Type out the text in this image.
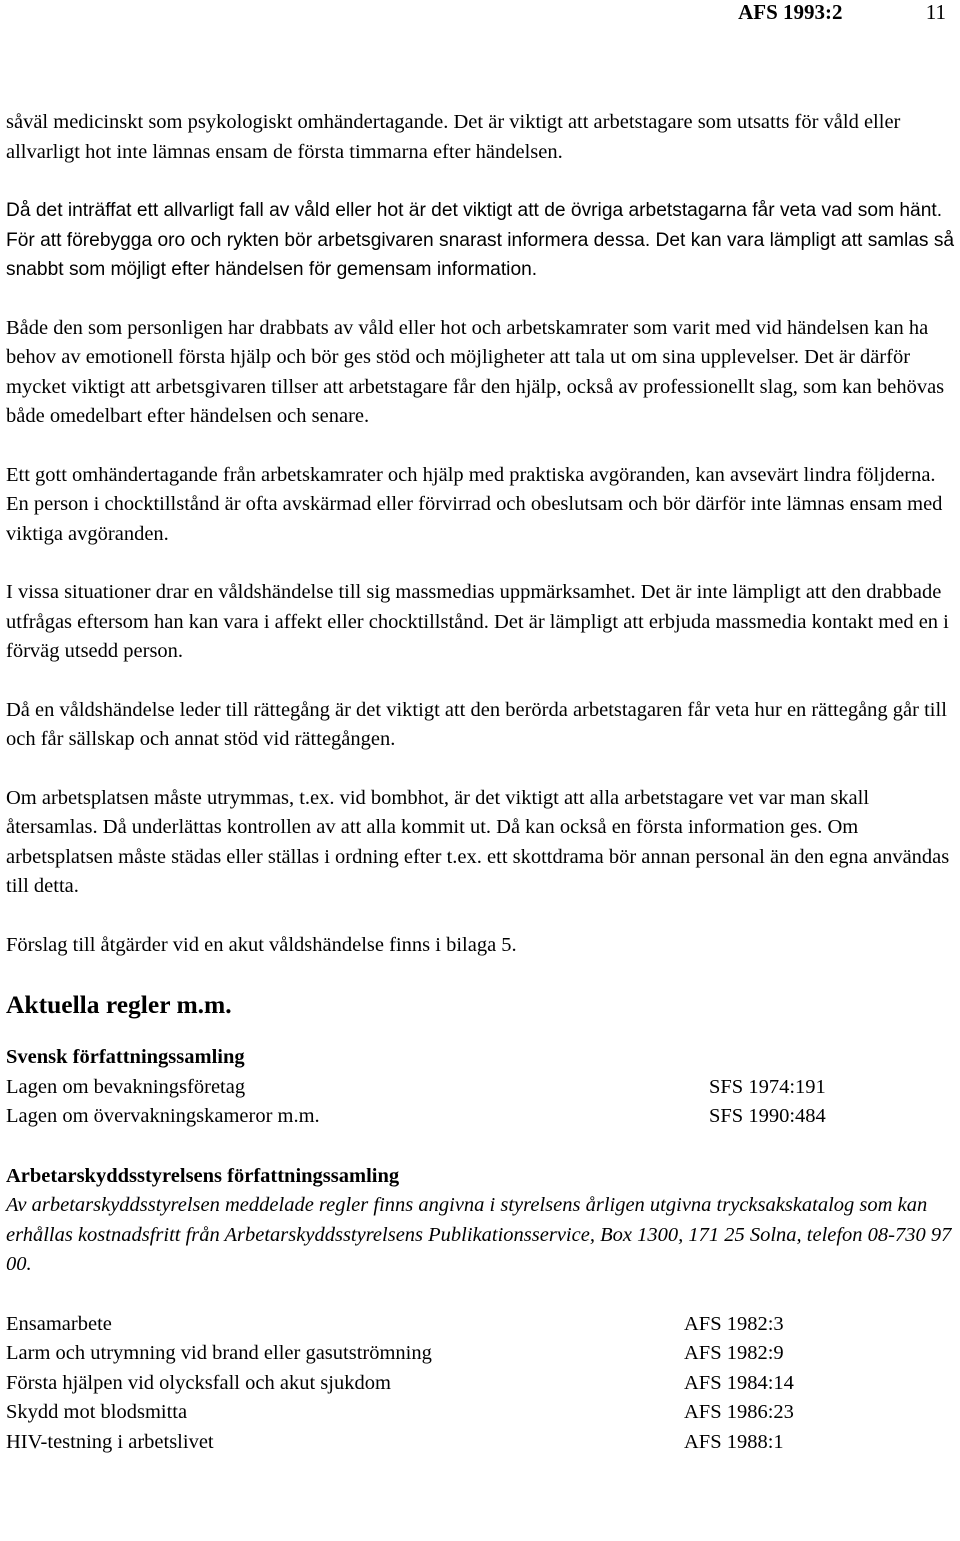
AFS 1993:2	11

såväl medicinskt som psykologiskt omhändertagande. Det är viktigt att arbetstagare som utsatts för våld eller allvarligt hot inte lämnas ensam de första timmarna efter händelsen.

Då det inträffat ett allvarligt fall av våld eller hot är det viktigt att de övriga arbetstagarna får veta vad som hänt. För att förebygga oro och rykten bör arbetsgivaren snarast informera dessa. Det kan vara lämpligt att samlas så snabbt som möjligt efter händelsen för gemensam information.

Både den som personligen har drabbats av våld eller hot och arbetskamrater som varit med vid händelsen kan ha behov av emotionell första hjälp och bör ges stöd och möjligheter att tala ut om sina upplevelser. Det är därför mycket viktigt att arbetsgivaren tillser att arbetstagare får den hjälp, också av professionellt slag, som kan behövas både omedelbart efter händelsen och senare.

Ett gott omhändertagande från arbetskamrater och hjälp med praktiska avgöranden, kan avsevärt lindra följderna. En person i chocktillstånd är ofta avskärmad eller förvirrad och obeslutsam och bör därför inte lämnas ensam med viktiga avgöranden.

I vissa situationer drar en våldshändelse till sig massmedias uppmärksamhet. Det är inte lämpligt att den drabbade utfrågas eftersom han kan vara i affekt eller chocktillstånd. Det är lämpligt att erbjuda massmedia kontakt med en i förväg utsedd person.

Då en våldshändelse leder till rättegång är det viktigt att den berörda arbetstagaren får veta hur en rättegång går till och får sällskap och annat stöd vid rättegången.

Om arbetsplatsen måste utrymmas, t.ex. vid bombhot, är det viktigt att alla arbetstagare vet var man skall återsamlas. Då underlättas kontrollen av att alla kommit ut. Då kan också en första information ges. Om arbetsplatsen måste städas eller ställas i ordning efter t.ex. ett skottdrama bör annan personal än den egna användas till detta.

Förslag till åtgärder vid en akut våldshändelse finns i bilaga 5.

Aktuella regler m.m.
Svensk författningssamling
Lagen om bevakningsföretag	SFS 1974:191
Lagen om övervakningskameror m.m.	SFS 1990:484
Arbetarskyddsstyrelsens författningssamling

Av arbetarskyddsstyrelsen meddelade regler finns angivna i styrelsens årligen utgivna trycksakskatalog som kan erhållas kostnadsfritt från Arbetarskyddsstyrelsens Publikationsservice, Box 1300, 171 25 Solna, telefon 08-730 97 00.

Ensamarbete	AFS 1982:3
Larm och utrymning vid brand eller gasutströmning	AFS 1982:9
Första hjälpen vid olycksfall och akut sjukdom	AFS 1984:14
Skydd mot blodsmitta	AFS 1986:23
HIV-testning i arbetslivet	AFS 1988:1
